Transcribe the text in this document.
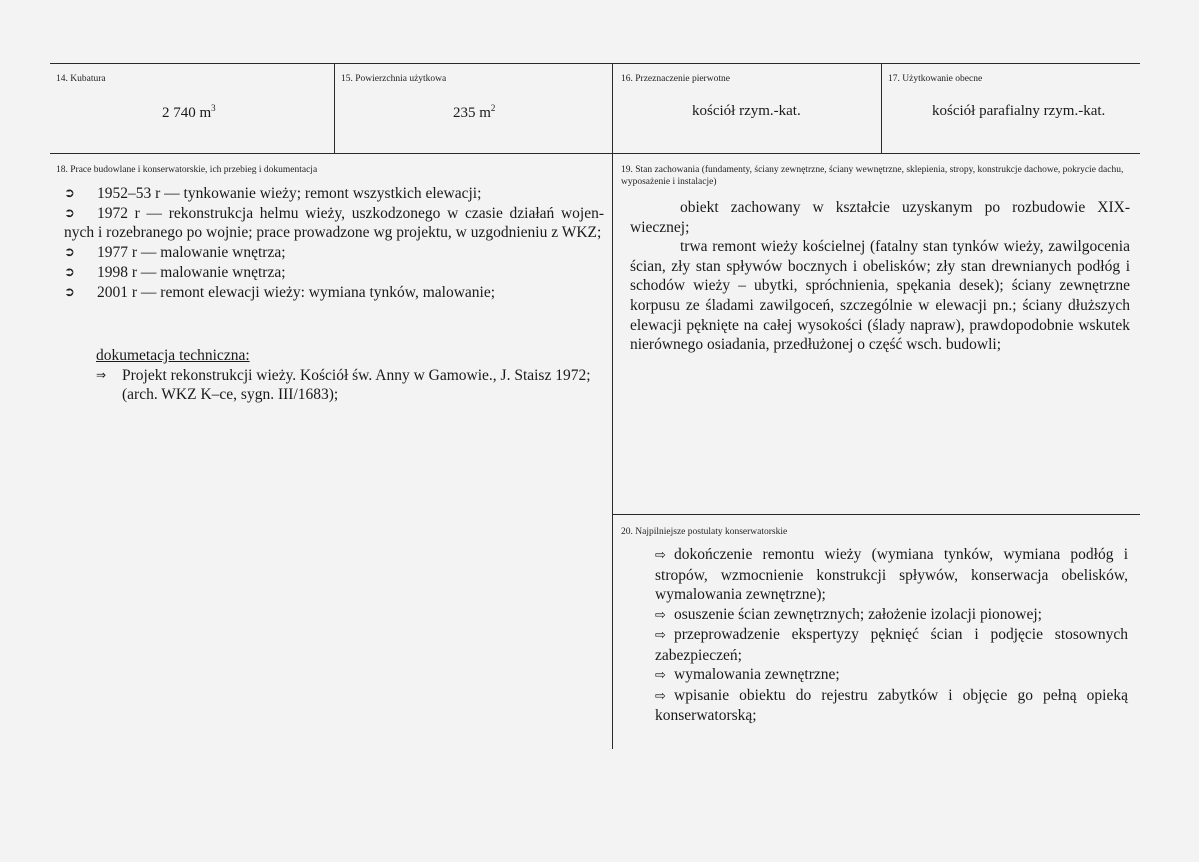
14. Kubatura
2 740 $m^3$
15. Powierzchnia użytkowa
235 $m^2$
16. Przeznaczenie pierwotne
kościół rzym.-kat.
17. Użytkowanie obecne
kościół parafialny rzym.-kat.
18. Prace budowlane i konserwatorskie, ich przebieg i dokumentacja
➲	1952–53 r — tynkowanie wieży; remont wszystkich elewacji;
➲	1972 r — rekonstrukcja helmu wieży, uszkodzonego w czasie działań wojen-
nych i rozebranego po wojnie; prace prowadzone wg projektu, w uzgodnieniu z WKZ;
➲	1977 r — malowanie wnętrza;
➲	1998 r — malowanie wnętrza;
➲	2001 r — remont elewacji wieży: wymiana tynków, malowanie;
dokumetacja techniczna:
⇒	Projekt rekonstrukcji wieży. Kościół św. Anny w Gamowie., J. Staisz 1972; (arch. WKZ K–ce, sygn. III/1683);
19. Stan zachowania (fundamenty, ściany zewnętrzne, ściany wewnętrzne, sklepienia, stropy, konstrukcje dachowe, pokrycie dachu, wyposażenie i instalacje)
obiekt zachowany w kształcie uzyskanym po rozbudowie XIX-wiecznej;
trwa remont wieży kościelnej (fatalny stan tynków wieży, zawilgocenia ścian, zły stan spływów bocznych i obelisków; zły stan drewnianych podłóg i schodów wieży – ubytki, spróchnienia, spękania desek); ściany zewnętrzne korpusu ze śladami zawilgoceń, szczególnie w elewacji pn.; ściany dłuższych elewacji pęknięte na całej wysokości (ślady napraw), prawdopodobnie wskutek nierównego osiadania, przedłużonej o część wsch. budowli;
20. Najpilniejsze postulaty konserwatorskie
⇨ dokończenie remontu wieży (wymiana tynków, wymiana podłóg i stropów, wzmocnienie konstrukcji spływów, konserwacja obelisków, wymalowania zewnętrzne);
⇨ osuszenie ścian zewnętrznych; założenie izolacji pionowej;
⇨ przeprowadzenie ekspertyzy pęknięć ścian i podjęcie stosownych zabezpieczeń;
⇨ wymalowania zewnętrzne;
⇨ wpisanie obiektu do rejestru zabytków i objęcie go pełną opieką konserwatorską;
